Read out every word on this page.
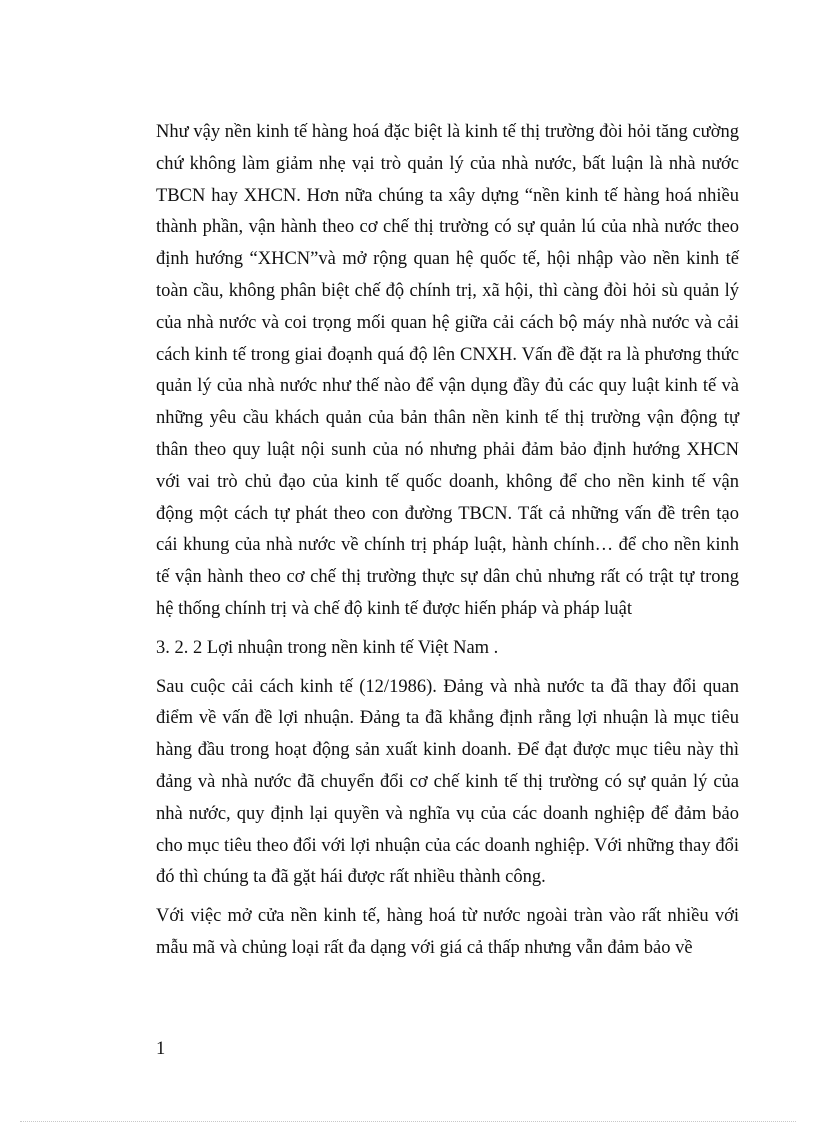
Như vậy nền kinh tế hàng hoá đặc biệt là kinh tế thị trường đòi hỏi tăng cường chứ không làm giảm nhẹ vại trò quản lý của nhà nước, bất luận là nhà nước TBCN hay XHCN. Hơn nữa chúng ta xây dựng “nền kinh tế hàng hoá nhiều thành phần, vận hành theo cơ chế thị trường có sự quản lú của nhà nước theo định hướng “XHCN”và mở rộng quan hệ quốc tế, hội nhập vào nền kinh tế toàn cầu, không phân biệt chế độ chính trị, xã hội, thì càng đòi hỏi sù quản lý của nhà nước và coi trọng mối quan hệ giữa cải cách bộ máy nhà nước và cải cách kinh tế trong giai đoạnh quá độ lên CNXH. Vấn đề đặt ra là phương thức quản lý của nhà nước như thế nào để vận dụng đầy đủ các quy luật kinh tế và những yêu cầu khách quản của bản thân nền kinh tế thị trường vận động tự thân theo quy luật nội sunh của nó nhưng phải đảm bảo định hướng XHCN với vai trò chủ đạo của kinh tế quốc doanh, không để cho nền kinh tế vận động một cách tự phát theo con đường TBCN. Tất cả những vấn đề trên tạo cái khung của nhà nước về chính trị pháp luật, hành chính… để cho nền kinh tế vận hành theo cơ chế thị trường thực sự dân chủ nhưng rất có trật tự trong hệ thống chính trị và chế độ kinh tế được hiến pháp và pháp luật

3. 2. 2 Lợi nhuận trong nền kinh tế Việt Nam .

Sau cuộc cải cách kinh tế (12/1986). Đảng và nhà nước ta đã thay đổi quan điểm về vấn đề lợi nhuận. Đảng ta đã khẳng định rằng lợi nhuận là mục tiêu hàng đầu trong hoạt động sản xuất kinh doanh. Để đạt được mục tiêu này thì đảng và nhà nước đã chuyển đổi cơ chế kinh tế thị trường có sự quản lý của nhà nước, quy định lại quyền và nghĩa vụ của các doanh nghiệp để đảm bảo cho mục tiêu theo đổi với lợi nhuận của các doanh nghiệp. Với những thay đổi đó thì chúng ta đã gặt hái được rất nhiều thành công.

Với việc mở cửa nền kinh tế, hàng hoá từ nước ngoài tràn vào rất nhiều với mẫu mã và chủng loại rất đa dạng với giá cả thấp nhưng vẫn đảm bảo về

1
